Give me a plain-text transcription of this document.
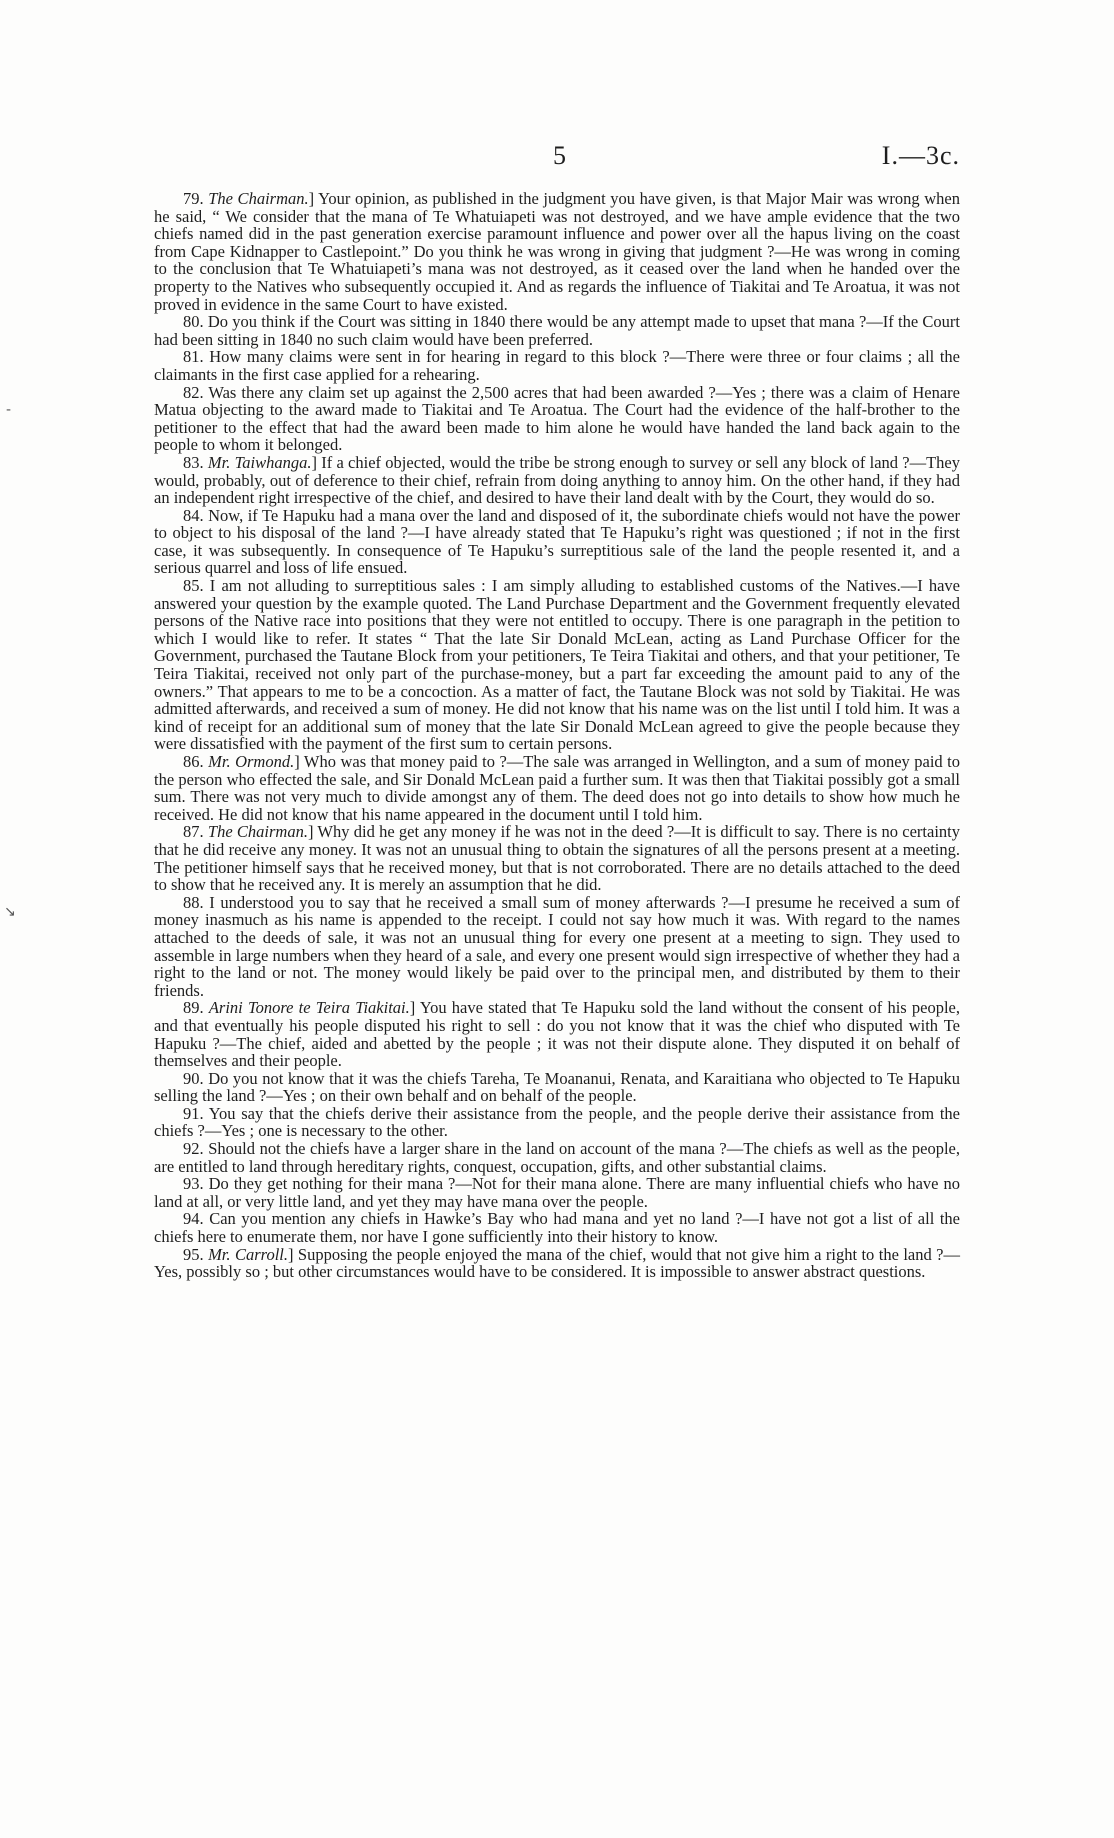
5	I.—3c.
-
↘

79. The Chairman.] Your opinion, as published in the judgment you have given, is that Major Mair was wrong when he said, “ We consider that the mana of Te Whatuiapeti was not destroyed, and we have ample evidence that the two chiefs named did in the past generation exercise paramount influence and power over all the hapus living on the coast from Cape Kidnapper to Castlepoint.” Do you think he was wrong in giving that judgment ?—He was wrong in coming to the conclusion that Te Whatuiapeti’s mana was not destroyed, as it ceased over the land when he handed over the property to the Natives who subsequently occupied it. And as regards the influence of Tiakitai and Te Aroatua, it was not proved in evidence in the same Court to have existed.

80. Do you think if the Court was sitting in 1840 there would be any attempt made to upset that mana ?—If the Court had been sitting in 1840 no such claim would have been preferred.

81. How many claims were sent in for hearing in regard to this block ?—There were three or four claims ; all the claimants in the first case applied for a rehearing.

82. Was there any claim set up against the 2,500 acres that had been awarded ?—Yes ; there was a claim of Henare Matua objecting to the award made to Tiakitai and Te Aroatua. The Court had the evidence of the half-brother to the petitioner to the effect that had the award been made to him alone he would have handed the land back again to the people to whom it belonged.

83. Mr. Taiwhanga.] If a chief objected, would the tribe be strong enough to survey or sell any block of land ?—They would, probably, out of deference to their chief, refrain from doing anything to annoy him. On the other hand, if they had an independent right irrespective of the chief, and desired to have their land dealt with by the Court, they would do so.

84. Now, if Te Hapuku had a mana over the land and disposed of it, the subordinate chiefs would not have the power to object to his disposal of the land ?—I have already stated that Te Hapuku’s right was questioned ; if not in the first case, it was subsequently. In consequence of Te Hapuku’s surreptitious sale of the land the people resented it, and a serious quarrel and loss of life ensued.

85. I am not alluding to surreptitious sales : I am simply alluding to established customs of the Natives.—I have answered your question by the example quoted. The Land Purchase Department and the Government frequently elevated persons of the Native race into positions that they were not entitled to occupy. There is one paragraph in the petition to which I would like to refer. It states “ That the late Sir Donald McLean, acting as Land Purchase Officer for the Government, purchased the Tautane Block from your petitioners, Te Teira Tiakitai and others, and that your petitioner, Te Teira Tiakitai, received not only part of the purchase-money, but a part far exceeding the amount paid to any of the owners.” That appears to me to be a concoction. As a matter of fact, the Tautane Block was not sold by Tiakitai. He was admitted afterwards, and received a sum of money. He did not know that his name was on the list until I told him. It was a kind of receipt for an additional sum of money that the late Sir Donald McLean agreed to give the people because they were dissatisfied with the payment of the first sum to certain persons.

86. Mr. Ormond.] Who was that money paid to ?—The sale was arranged in Wellington, and a sum of money paid to the person who effected the sale, and Sir Donald McLean paid a further sum. It was then that Tiakitai possibly got a small sum. There was not very much to divide amongst any of them. The deed does not go into details to show how much he received. He did not know that his name appeared in the document until I told him.

87. The Chairman.] Why did he get any money if he was not in the deed ?—It is difficult to say. There is no certainty that he did receive any money. It was not an unusual thing to obtain the signatures of all the persons present at a meeting. The petitioner himself says that he received money, but that is not corroborated. There are no details attached to the deed to show that he received any. It is merely an assumption that he did.

88. I understood you to say that he received a small sum of money afterwards ?—I presume he received a sum of money inasmuch as his name is appended to the receipt. I could not say how much it was. With regard to the names attached to the deeds of sale, it was not an unusual thing for every one present at a meeting to sign. They used to assemble in large numbers when they heard of a sale, and every one present would sign irrespective of whether they had a right to the land or not. The money would likely be paid over to the principal men, and distributed by them to their friends.

89. Arini Tonore te Teira Tiakitai.] You have stated that Te Hapuku sold the land without the consent of his people, and that eventually his people disputed his right to sell : do you not know that it was the chief who disputed with Te Hapuku ?—The chief, aided and abetted by the people ; it was not their dispute alone. They disputed it on behalf of themselves and their people.

90. Do you not know that it was the chiefs Tareha, Te Moananui, Renata, and Karaitiana who objected to Te Hapuku selling the land ?—Yes ; on their own behalf and on behalf of the people.

91. You say that the chiefs derive their assistance from the people, and the people derive their assistance from the chiefs ?—Yes ; one is necessary to the other.

92. Should not the chiefs have a larger share in the land on account of the mana ?—The chiefs as well as the people, are entitled to land through hereditary rights, conquest, occupation, gifts, and other substantial claims.

93. Do they get nothing for their mana ?—Not for their mana alone. There are many influential chiefs who have no land at all, or very little land, and yet they may have mana over the people.

94. Can you mention any chiefs in Hawke’s Bay who had mana and yet no land ?—I have not got a list of all the chiefs here to enumerate them, nor have I gone sufficiently into their history to know.

95. Mr. Carroll.] Supposing the people enjoyed the mana of the chief, would that not give him a right to the land ?—Yes, possibly so ; but other circumstances would have to be considered. It is impossible to answer abstract questions.
